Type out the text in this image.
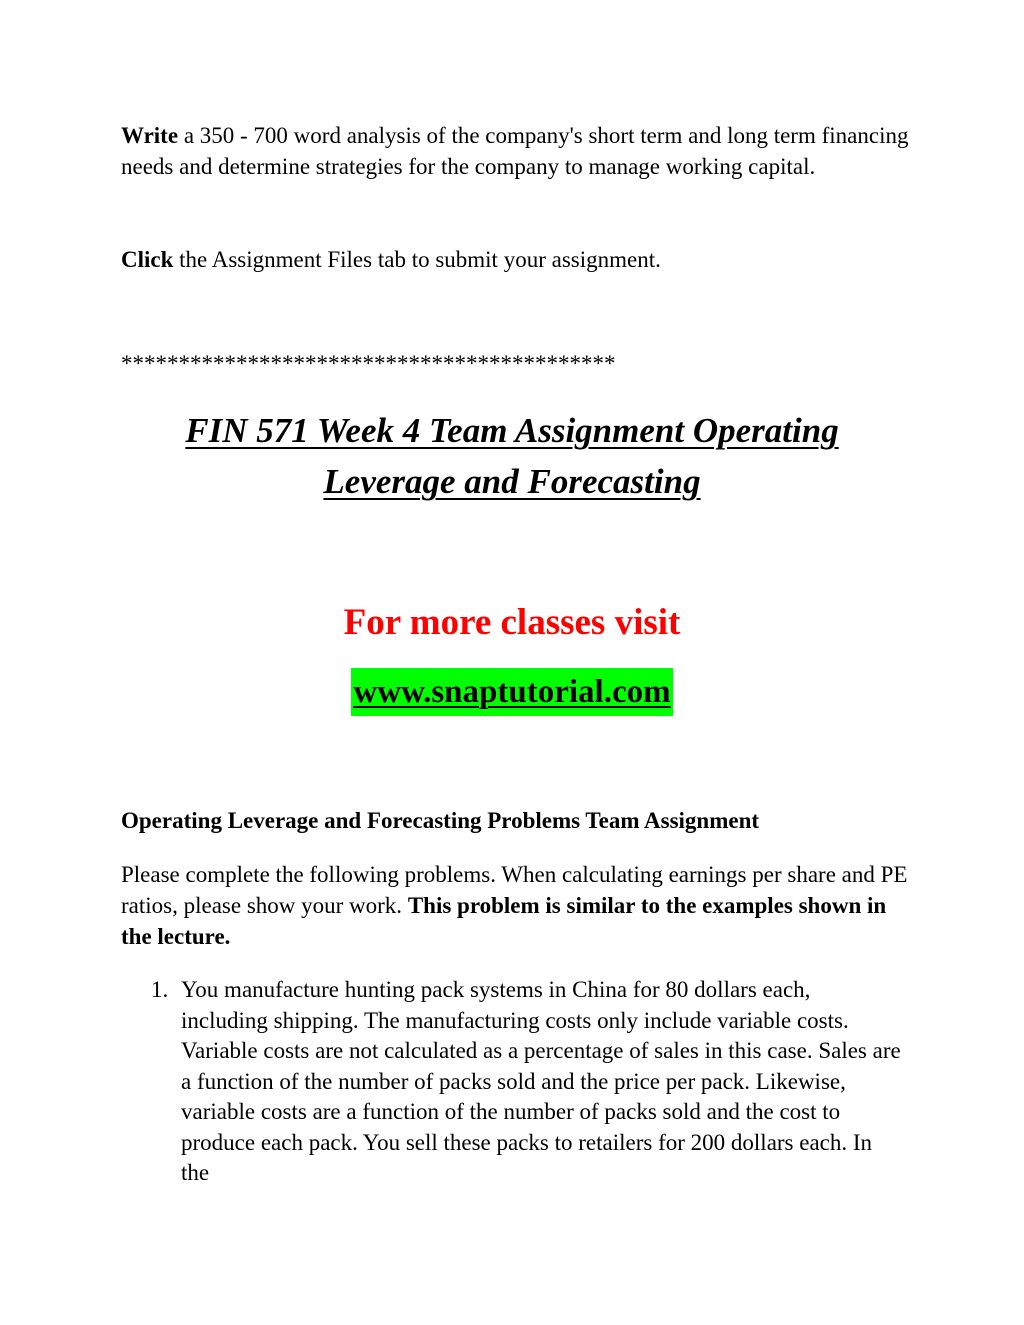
Write a 350 - 700 word analysis of the company's short term and long term financing needs and determine strategies for the company to manage working capital.

Click the Assignment Files tab to submit your assignment.

*******************************************
FIN 571 Week 4 Team Assignment Operating
Leverage and Forecasting
For more classes visit
www.snaptutorial.com
Operating Leverage and Forecasting Problems Team Assignment

Please complete the following problems. When calculating earnings per share and PE ratios, please show your work. This problem is similar to the examples shown in the lecture.

1. You manufacture hunting pack systems in China for 80 dollars each, including shipping. The manufacturing costs only include variable costs. Variable costs are not calculated as a percentage of sales in this case. Sales are a function of the number of packs sold and the price per pack. Likewise, variable costs are a function of the number of packs sold and the cost to produce each pack. You sell these packs to retailers for 200 dollars each. In the
